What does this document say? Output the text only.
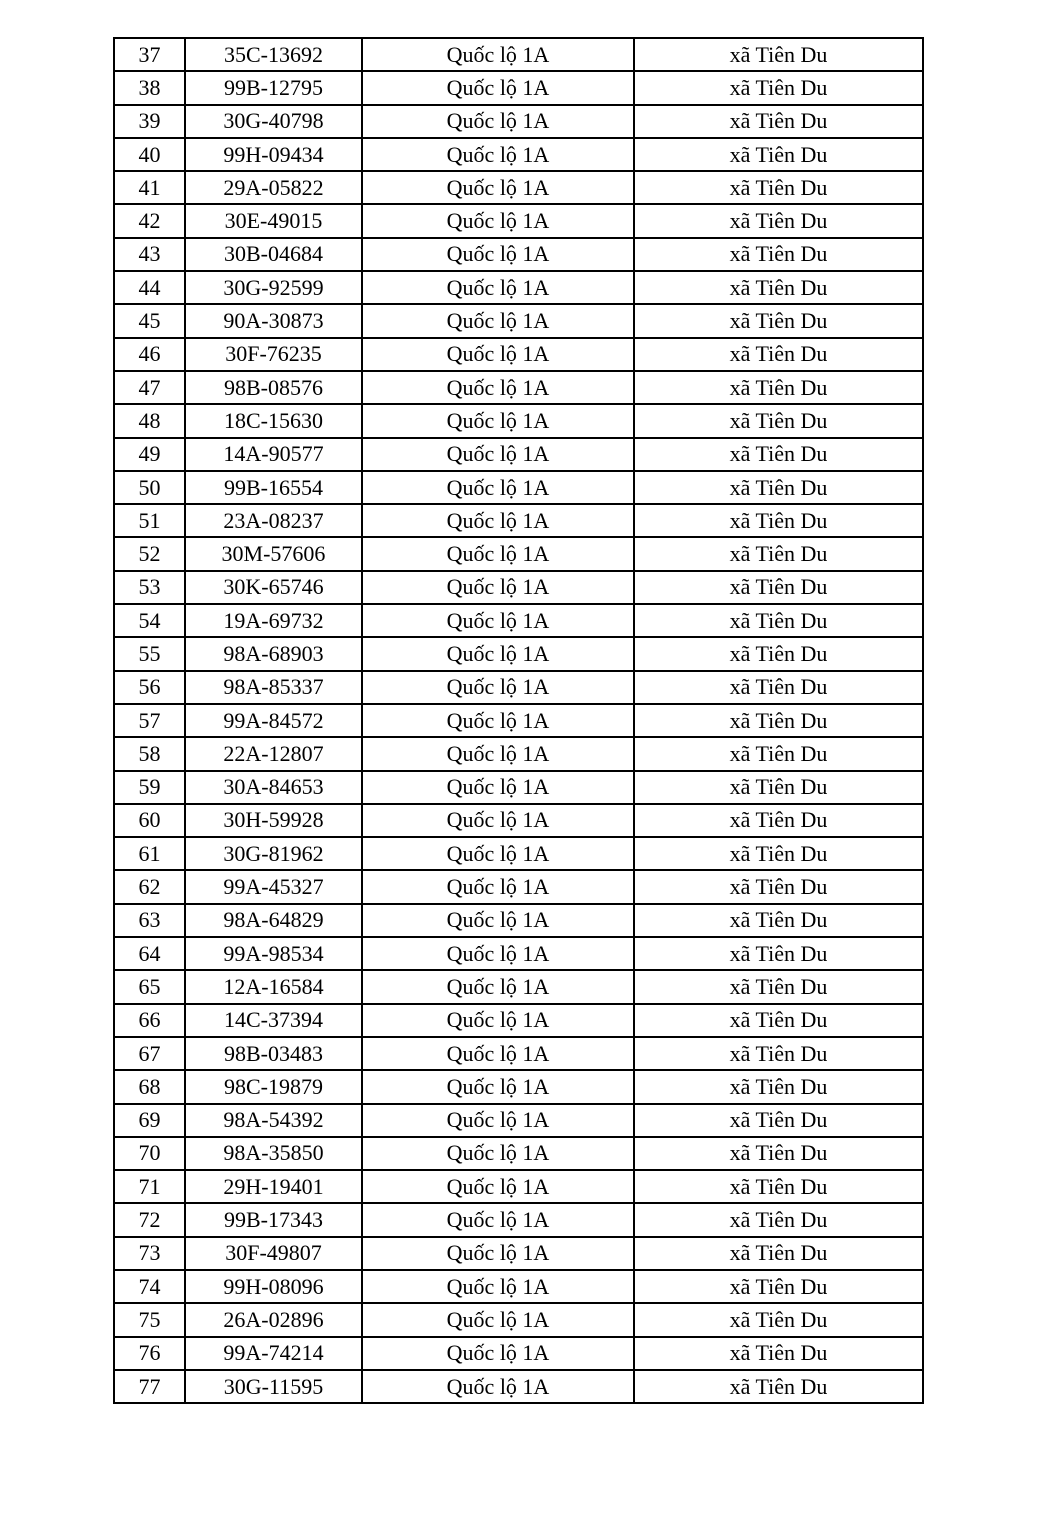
37	35C-13692	Quốc lộ 1A	xã Tiên Du
38	99B-12795	Quốc lộ 1A	xã Tiên Du
39	30G-40798	Quốc lộ 1A	xã Tiên Du
40	99H-09434	Quốc lộ 1A	xã Tiên Du
41	29A-05822	Quốc lộ 1A	xã Tiên Du
42	30E-49015	Quốc lộ 1A	xã Tiên Du
43	30B-04684	Quốc lộ 1A	xã Tiên Du
44	30G-92599	Quốc lộ 1A	xã Tiên Du
45	90A-30873	Quốc lộ 1A	xã Tiên Du
46	30F-76235	Quốc lộ 1A	xã Tiên Du
47	98B-08576	Quốc lộ 1A	xã Tiên Du
48	18C-15630	Quốc lộ 1A	xã Tiên Du
49	14A-90577	Quốc lộ 1A	xã Tiên Du
50	99B-16554	Quốc lộ 1A	xã Tiên Du
51	23A-08237	Quốc lộ 1A	xã Tiên Du
52	30M-57606	Quốc lộ 1A	xã Tiên Du
53	30K-65746	Quốc lộ 1A	xã Tiên Du
54	19A-69732	Quốc lộ 1A	xã Tiên Du
55	98A-68903	Quốc lộ 1A	xã Tiên Du
56	98A-85337	Quốc lộ 1A	xã Tiên Du
57	99A-84572	Quốc lộ 1A	xã Tiên Du
58	22A-12807	Quốc lộ 1A	xã Tiên Du
59	30A-84653	Quốc lộ 1A	xã Tiên Du
60	30H-59928	Quốc lộ 1A	xã Tiên Du
61	30G-81962	Quốc lộ 1A	xã Tiên Du
62	99A-45327	Quốc lộ 1A	xã Tiên Du
63	98A-64829	Quốc lộ 1A	xã Tiên Du
64	99A-98534	Quốc lộ 1A	xã Tiên Du
65	12A-16584	Quốc lộ 1A	xã Tiên Du
66	14C-37394	Quốc lộ 1A	xã Tiên Du
67	98B-03483	Quốc lộ 1A	xã Tiên Du
68	98C-19879	Quốc lộ 1A	xã Tiên Du
69	98A-54392	Quốc lộ 1A	xã Tiên Du
70	98A-35850	Quốc lộ 1A	xã Tiên Du
71	29H-19401	Quốc lộ 1A	xã Tiên Du
72	99B-17343	Quốc lộ 1A	xã Tiên Du
73	30F-49807	Quốc lộ 1A	xã Tiên Du
74	99H-08096	Quốc lộ 1A	xã Tiên Du
75	26A-02896	Quốc lộ 1A	xã Tiên Du
76	99A-74214	Quốc lộ 1A	xã Tiên Du
77	30G-11595	Quốc lộ 1A	xã Tiên Du
